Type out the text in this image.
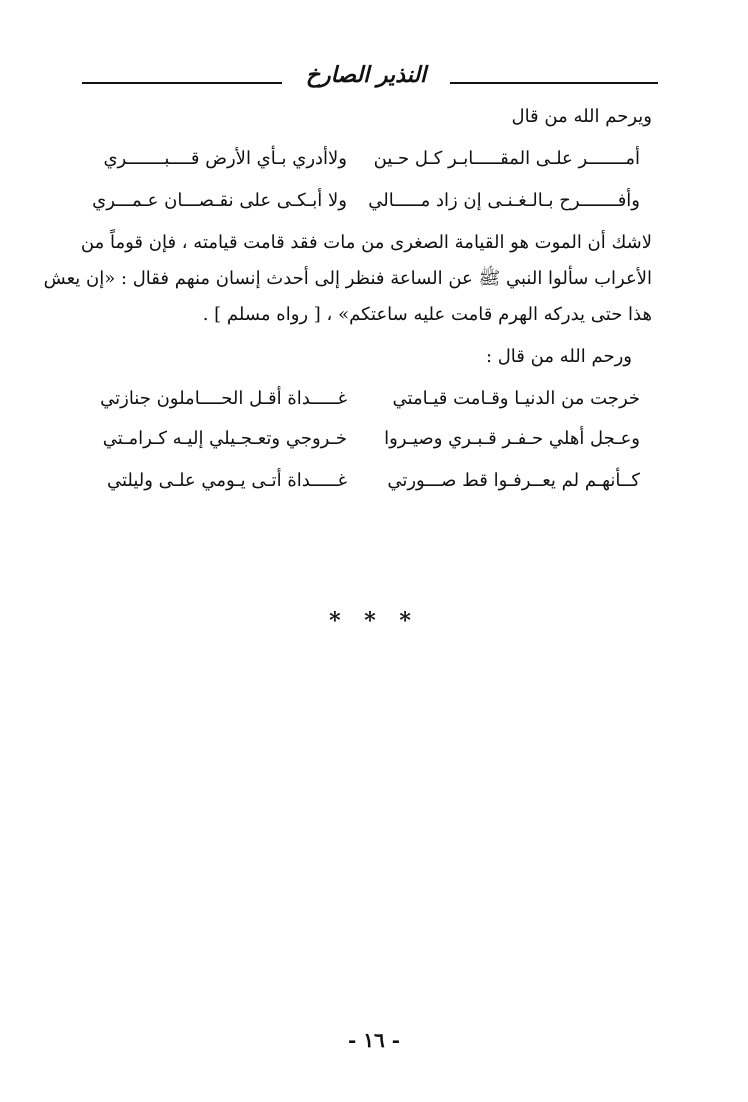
النذير الصارخ
ويرحم الله من قال
أمـــــــر علـى المقـــــابـر كـل حـين
ولاأدري بـأي الأرض قــــبـــــــري
وأفـــــــرح بـالـغـنـى إن زاد مـــــالي
ولا أبـكـى على نقـصـــان عـمـــري
لاشك أن الموت هو القيامة الصغرى من مات فقد قامت قيامته ، فإن قوماً من
الأعراب سألوا النبي ﷺ عن الساعة فنظر إلى أحدث إنسان منهم فقال : «إن يعش
هذا حتى يدركه الهرم قامت عليه ساعتكم» ، [ رواه مسلم ] .
ورحم الله من قال :
خرجت من الدنيـا وقـامت قيـامتي
غـــــداة أقـل الحــــاملون جنازتي
وعـجل أهلي حـفـر قـبـري وصيـروا
خـروجي وتعـجـيلي إليـه كـرامـتي
كــأنهـم لم يعــرفـوا قط صـــورتي
غـــــداة أتـى يـومي علـى وليلتي
* * *
- ١٦ -
